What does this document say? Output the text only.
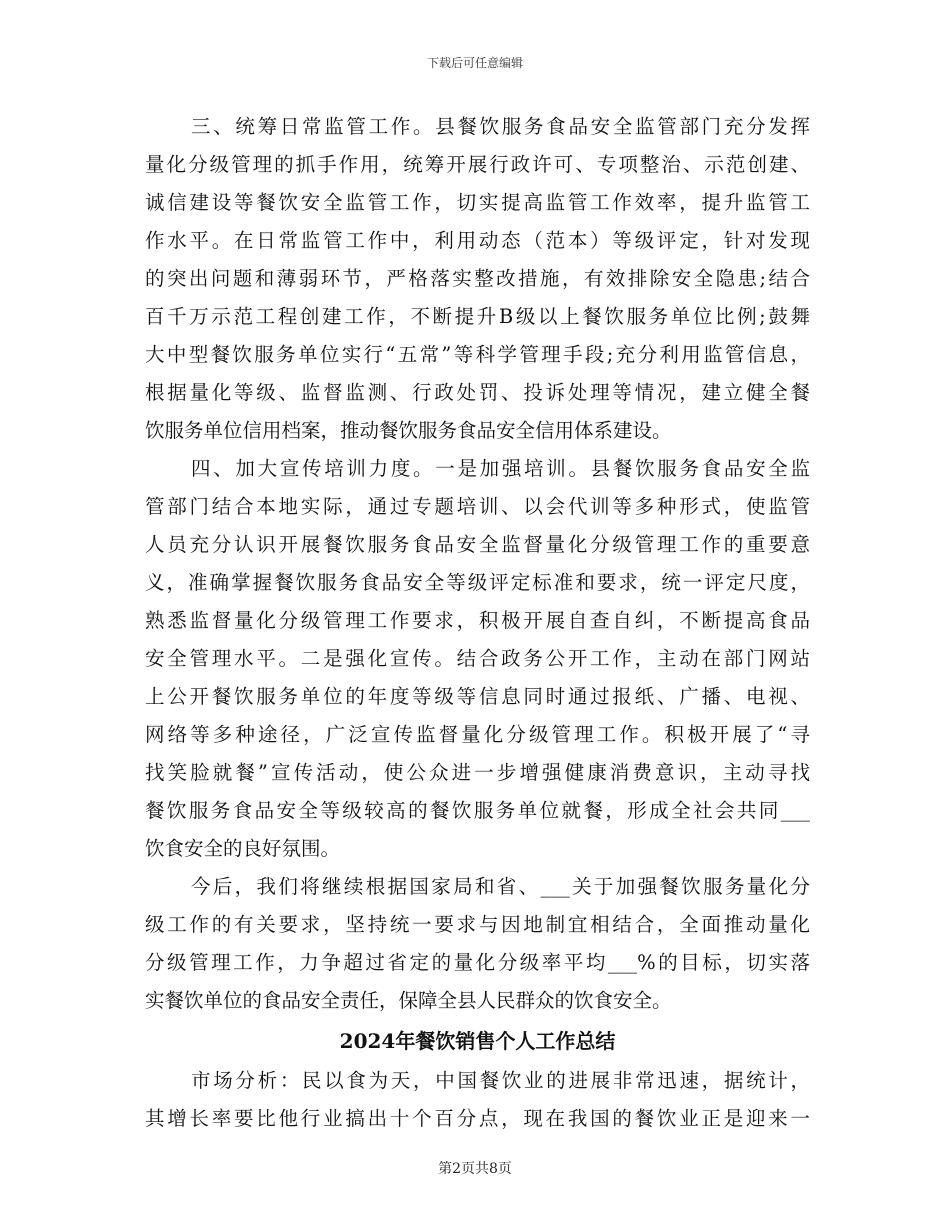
下载后可任意编辑
三、统筹日常监管工作。县餐饮服务食品安全监管部门充分发挥
量化分级管理的抓手作用，统筹开展行政许可、专项整治、示范创建、
诚信建设等餐饮安全监管工作，切实提高监管工作效率，提升监管工
作水平。在日常监管工作中，利用动态（范本）等级评定，针对发现
的突出问题和薄弱环节，严格落实整改措施，有效排除安全隐患;结合
百千万示范工程创建工作，不断提升B级以上餐饮服务单位比例;鼓舞
大中型餐饮服务单位实行“五常”等科学管理手段;充分利用监管信息，
根据量化等级、监督监测、行政处罚、投诉处理等情况，建立健全餐
饮服务单位信用档案，推动餐饮服务食品安全信用体系建设。
四、加大宣传培训力度。一是加强培训。县餐饮服务食品安全监
管部门结合本地实际，通过专题培训、以会代训等多种形式，使监管
人员充分认识开展餐饮服务食品安全监督量化分级管理工作的重要意
义，准确掌握餐饮服务食品安全等级评定标准和要求，统一评定尺度，
熟悉监督量化分级管理工作要求，积极开展自查自纠，不断提高食品
安全管理水平。二是强化宣传。结合政务公开工作，主动在部门网站
上公开餐饮服务单位的年度等级等信息同时通过报纸、广播、电视、
网络等多种途径，广泛宣传监督量化分级管理工作。积极开展了“寻
找笑脸就餐”宣传活动，使公众进一步增强健康消费意识，主动寻找
餐饮服务食品安全等级较高的餐饮服务单位就餐，形成全社会共同___
饮食安全的良好氛围。
今后，我们将继续根据国家局和省、___关于加强餐饮服务量化分
级工作的有关要求，坚持统一要求与因地制宜相结合，全面推动量化
分级管理工作，力争超过省定的量化分级率平均___%的目标，切实落
实餐饮单位的食品安全责任，保障全县人民群众的饮食安全。
2024年餐饮销售个人工作总结
市场分析：民以食为天，中国餐饮业的进展非常迅速，据统计，
其增长率要比他行业搞出十个百分点，现在我国的餐饮业正是迎来一
第2页共8页
